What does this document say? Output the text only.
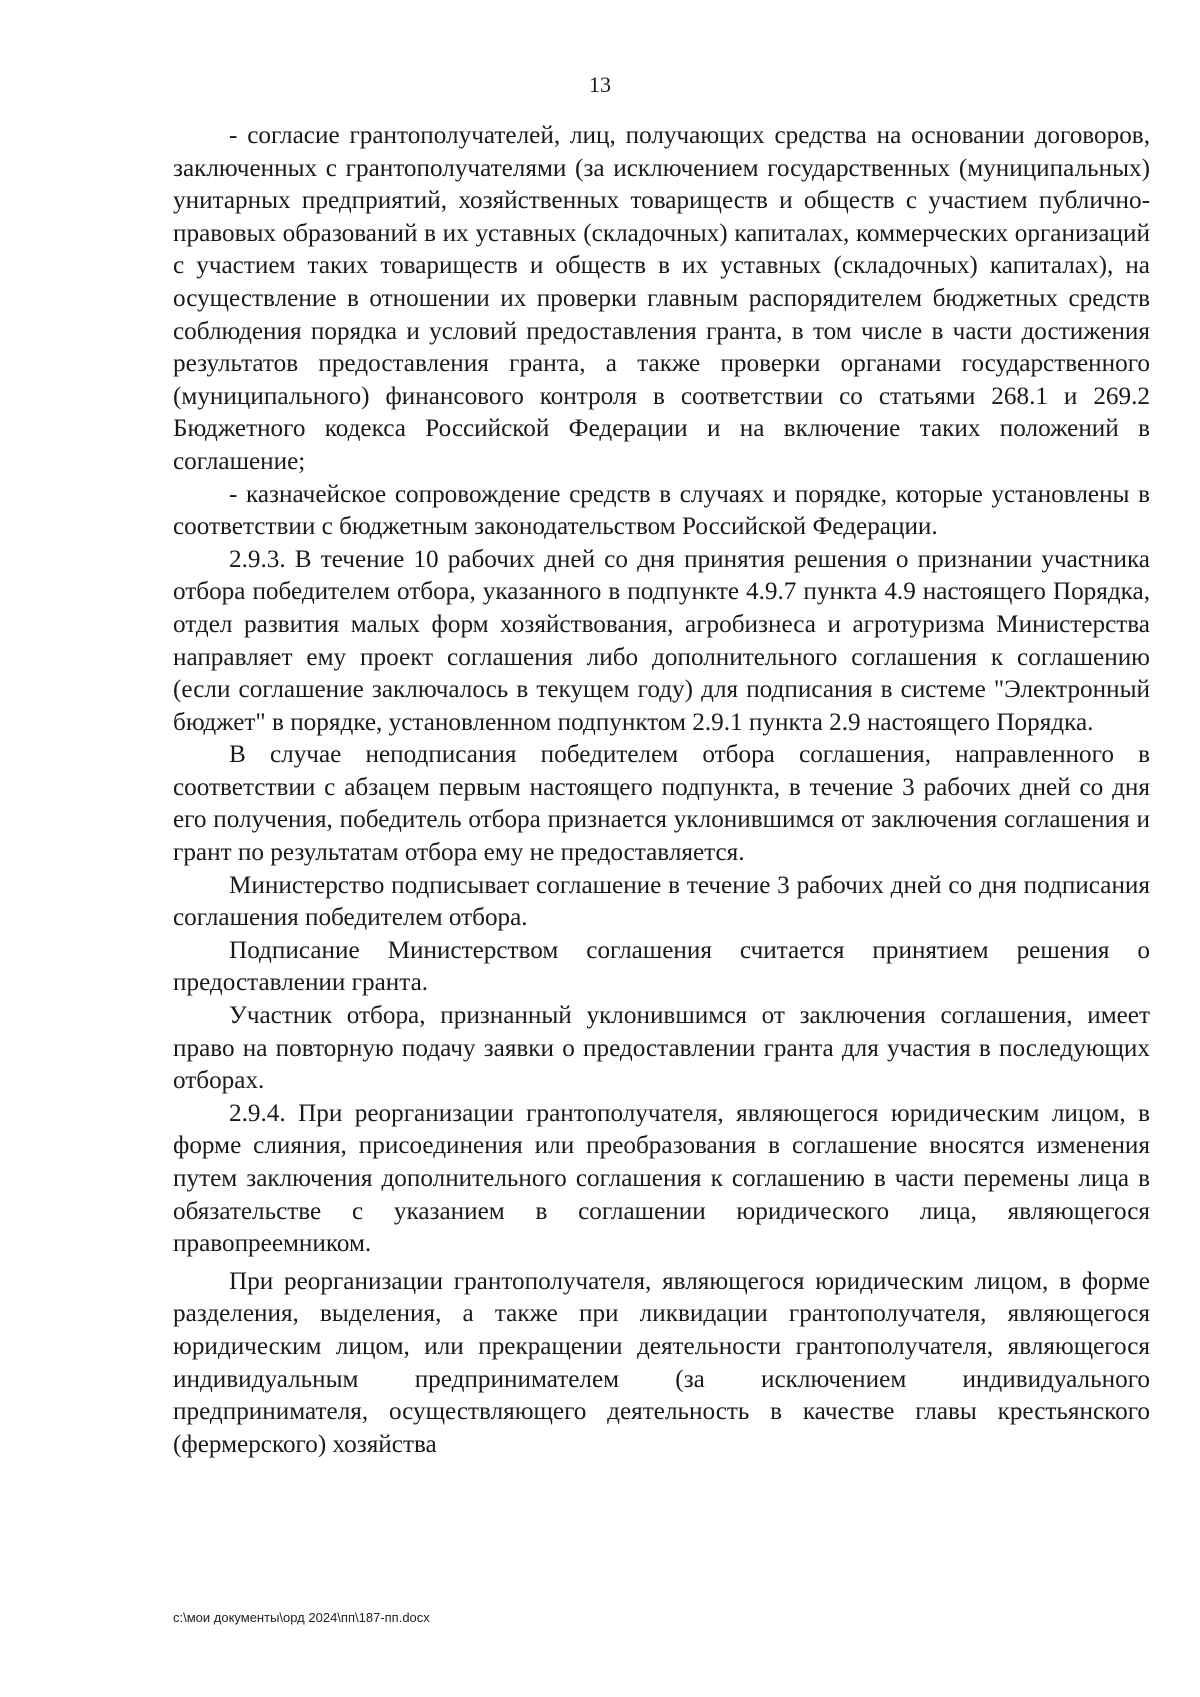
13

- согласие грантополучателей, лиц, получающих средства на основании договоров, заключенных с грантополучателями (за исключением государственных (муниципальных) унитарных предприятий, хозяйственных товариществ и обществ с участием публично-правовых образований в их уставных (складочных) капиталах, коммерческих организаций с участием таких товариществ и обществ в их уставных (складочных) капиталах), на осуществление в отношении их проверки главным распорядителем бюджетных средств соблюдения порядка и условий предоставления гранта, в том числе в части достижения результатов предоставления гранта, а также проверки органами государственного (муниципального) финансового контроля в соответствии со статьями 268.1 и 269.2 Бюджетного кодекса Российской Федерации и на включение таких положений в соглашение;

- казначейское сопровождение средств в случаях и порядке, которые установлены в соответствии с бюджетным законодательством Российской Федерации.

2.9.3. В течение 10 рабочих дней со дня принятия решения о признании участника отбора победителем отбора, указанного в подпункте 4.9.7 пункта 4.9 настоящего Порядка, отдел развития малых форм хозяйствования, агробизнеса и агротуризма Министерства направляет ему проект соглашения либо дополнительного соглашения к соглашению (если соглашение заключалось в текущем году) для подписания в системе "Электронный бюджет" в порядке, установленном подпунктом 2.9.1 пункта 2.9 настоящего Порядка.

В случае неподписания победителем отбора соглашения, направленного в соответствии с абзацем первым настоящего подпункта, в течение 3 рабочих дней со дня его получения, победитель отбора признается уклонившимся от заключения соглашения и грант по результатам отбора ему не предоставляется.

Министерство подписывает соглашение в течение 3 рабочих дней со дня подписания соглашения победителем отбора.

Подписание Министерством соглашения считается принятием решения о предоставлении гранта.

Участник отбора, признанный уклонившимся от заключения соглашения, имеет право на повторную подачу заявки о предоставлении гранта для участия в последующих отборах.

2.9.4. При реорганизации грантополучателя, являющегося юридическим лицом, в форме слияния, присоединения или преобразования в соглашение вносятся изменения путем заключения дополнительного соглашения к соглашению в части перемены лица в обязательстве с указанием в соглашении юридического лица, являющегося правопреемником.

При реорганизации грантополучателя, являющегося юридическим лицом, в форме разделения, выделения, а также при ликвидации грантополучателя, являющегося юридическим лицом, или прекращении деятельности грантополучателя, являющегося индивидуальным предпринимателем (за исключением индивидуального предпринимателя, осуществляющего деятельность в качестве главы крестьянского (фермерского) хозяйства

c:\мои документы\орд 2024\пп\187-пп.docx
